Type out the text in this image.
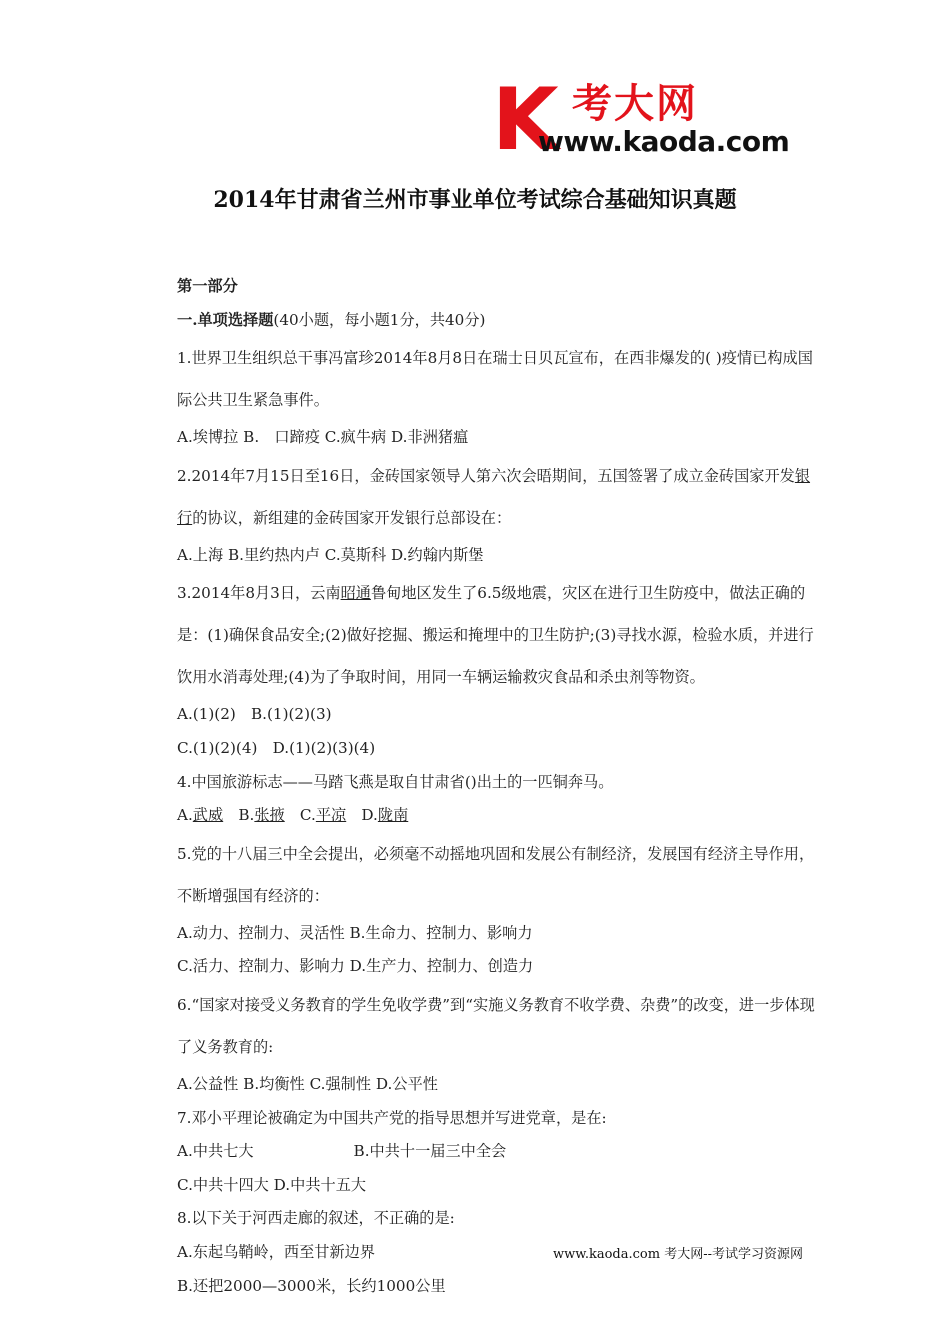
K 考大网
www.kaoda.com
2014年甘肃省兰州市事业单位考试综合基础知识真题
第一部分
一.单项选择题(40小题，每小题1分，共40分)
1.世界卫生组织总干事冯富珍2014年8月8日在瑞士日贝瓦宣布，在西非爆发的( )疫情已构成国际公共卫生紧急事件。
A.埃博拉 B.　口蹄疫 C.疯牛病 D.非洲猪瘟
2.2014年7月15日至16日，金砖国家领导人第六次会晤期间，五国签署了成立金砖国家开发银行的协议，新组建的金砖国家开发银行总部设在：
A.上海 B.里约热内卢 C.莫斯科 D.约翰内斯堡
3.2014年8月3日，云南昭通鲁甸地区发生了6.5级地震，灾区在进行卫生防疫中，做法正确的是：(1)确保食品安全;(2)做好挖掘、搬运和掩埋中的卫生防护;(3)寻找水源，检验水质，并进行饮用水消毒处理;(4)为了争取时间，用同一车辆运输救灾食品和杀虫剂等物资。
A.(1)(2)　B.(1)(2)(3)
C.(1)(2)(4)　D.(1)(2)(3)(4)
4.中国旅游标志——马踏飞燕是取自甘肃省()出土的一匹铜奔马。
A.武威　B.张掖　C.平凉　D.陇南
5.党的十八届三中全会提出，必须毫不动摇地巩固和发展公有制经济，发展国有经济主导作用，不断增强国有经济的：
A.动力、控制力、灵活性 B.生命力、控制力、影响力
C.活力、控制力、影响力 D.生产力、控制力、创造力
6.“国家对接受义务教育的学生免收学费”到“实施义务教育不收学费、杂费”的改变，进一步体现了义务教育的:
A.公益性 B.均衡性 C.强制性 D.公平性
7.邓小平理论被确定为中国共产党的指导思想并写进党章，是在:
A.中共七大	B.中共十一届三中全会
C.中共十四大 D.中共十五大
8.以下关于河西走廊的叙述，不正确的是:
A.东起乌鞘岭，西至甘新边界
B.还把2000—3000米，长约1000公里
www.kaoda.com 考大网--考试学习资源网
